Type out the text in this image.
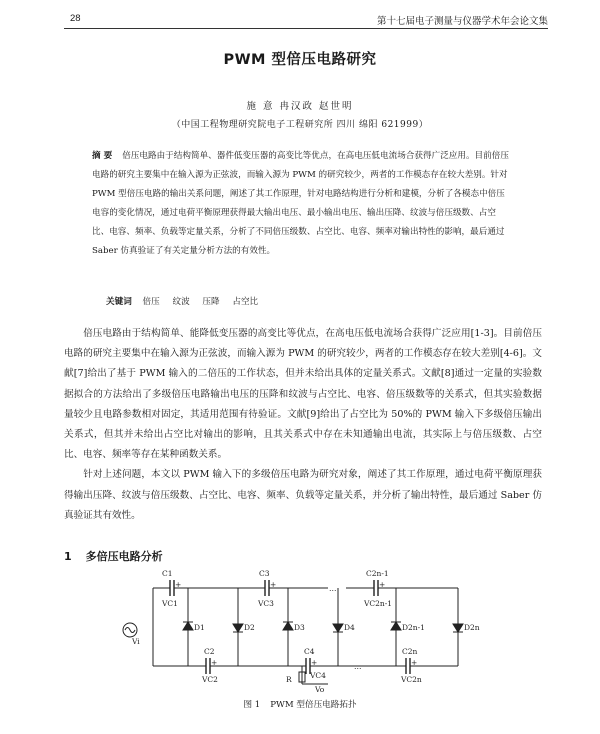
28	第十七届电子测量与仪器学术年会论文集
PWM 型倍压电路研究
施 意 冉汉政 赵世明
（中国工程物理研究院电子工程研究所 四川 绵阳 621999）
摘 要 倍压电路由于结构简单、器件低变压器的高变比等优点，在高电压低电流场合获得广泛应用。目前倍压电路的研究主要集中在输入源为正弦波，而输入源为 PWM 的研究较少，两者的工作模态存在较大差别。针对 PWM 型倍压电路的输出关系问题，阐述了其工作原理，针对电路结构进行分析和建模，分析了各模态中倍压电容的变化情况，通过电荷平衡原理获得最大输出电压、最小输出电压、输出压降、纹波与倍压级数、占空比、电容、频率、负载等定量关系，分析了不同倍压级数、占空比、电容、频率对输出特性的影响，最后通过 Saber 仿真验证了有关定量分析方法的有效性。
关键词 倍压 纹波 压降 占空比

倍压电路由于结构简单、能降低变压器的高变比等优点，在高电压低电流场合获得广泛应用[1-3]。目前倍压电路的研究主要集中在输入源为正弦波，而输入源为 PWM 的研究较少，两者的工作模态存在较大差别[4-6]。文献[7]给出了基于 PWM 输入的二倍压的工作状态，但并未给出具体的定量关系式。文献[8]通过一定量的实验数据拟合的方法给出了多级倍压电路输出电压的压降和纹波与占空比、电容、倍压级数等的关系式，但其实验数据量较少且电路参数相对固定，其适用范围有待验证。文献[9]给出了占空比为 50%的 PWM 输入下多级倍压输出关系式，但其并未给出占空比对输出的影响，且其关系式中存在未知通输出电流，其实际上与倍压级数、占空比、电容、频率等存在某种函数关系。

针对上述问题，本文以 PWM 输入下的多级倍压电路为研究对象，阐述了其工作原理，通过电荷平衡原理获得输出压降、纹波与倍压级数、占空比、电容、频率、负载等定量关系，并分析了输出特性，最后通过 Saber 仿真验证其有效性。

1 多倍压电路分析
C1
+
VC1
C3
+
VC3
…
C2n-1
+
VC2n-1
Vi
D1	D2	D3	D4	D2n-1	D2n
C2
+
VC2
C4
+
VC4
…
C2n
+
VC2n
R
Vo
图 1 PWM 型倍压电路拓扑
